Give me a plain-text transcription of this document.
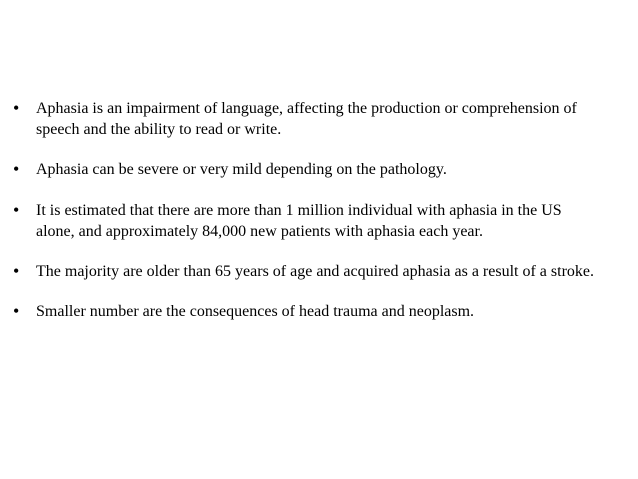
• Aphasia is an impairment of language, affecting the production or comprehension of speech and the ability to read or write.
• Aphasia can be severe or very mild depending on the pathology.
• It is estimated that there are more than 1 million individual with aphasia in the US alone, and approximately 84,000 new patients with aphasia each year.
• The majority are older than 65 years of age and acquired aphasia as a result of a stroke.
• Smaller number are the consequences of head trauma and neoplasm.
